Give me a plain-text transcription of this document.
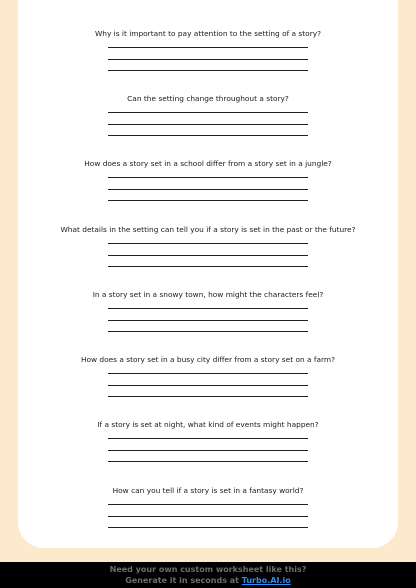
Why is it important to pay attention to the setting of a story?
Can the setting change throughout a story?
How does a story set in a school differ from a story set in a jungle?
What details in the setting can tell you if a story is set in the past or the future?
In a story set in a snowy town, how might the characters feel?
How does a story set in a busy city differ from a story set on a farm?
If a story is set at night, what kind of events might happen?
How can you tell if a story is set in a fantasy world?
Need your own custom worksheet like this?
Generate it in seconds at Turbo.AI.io
